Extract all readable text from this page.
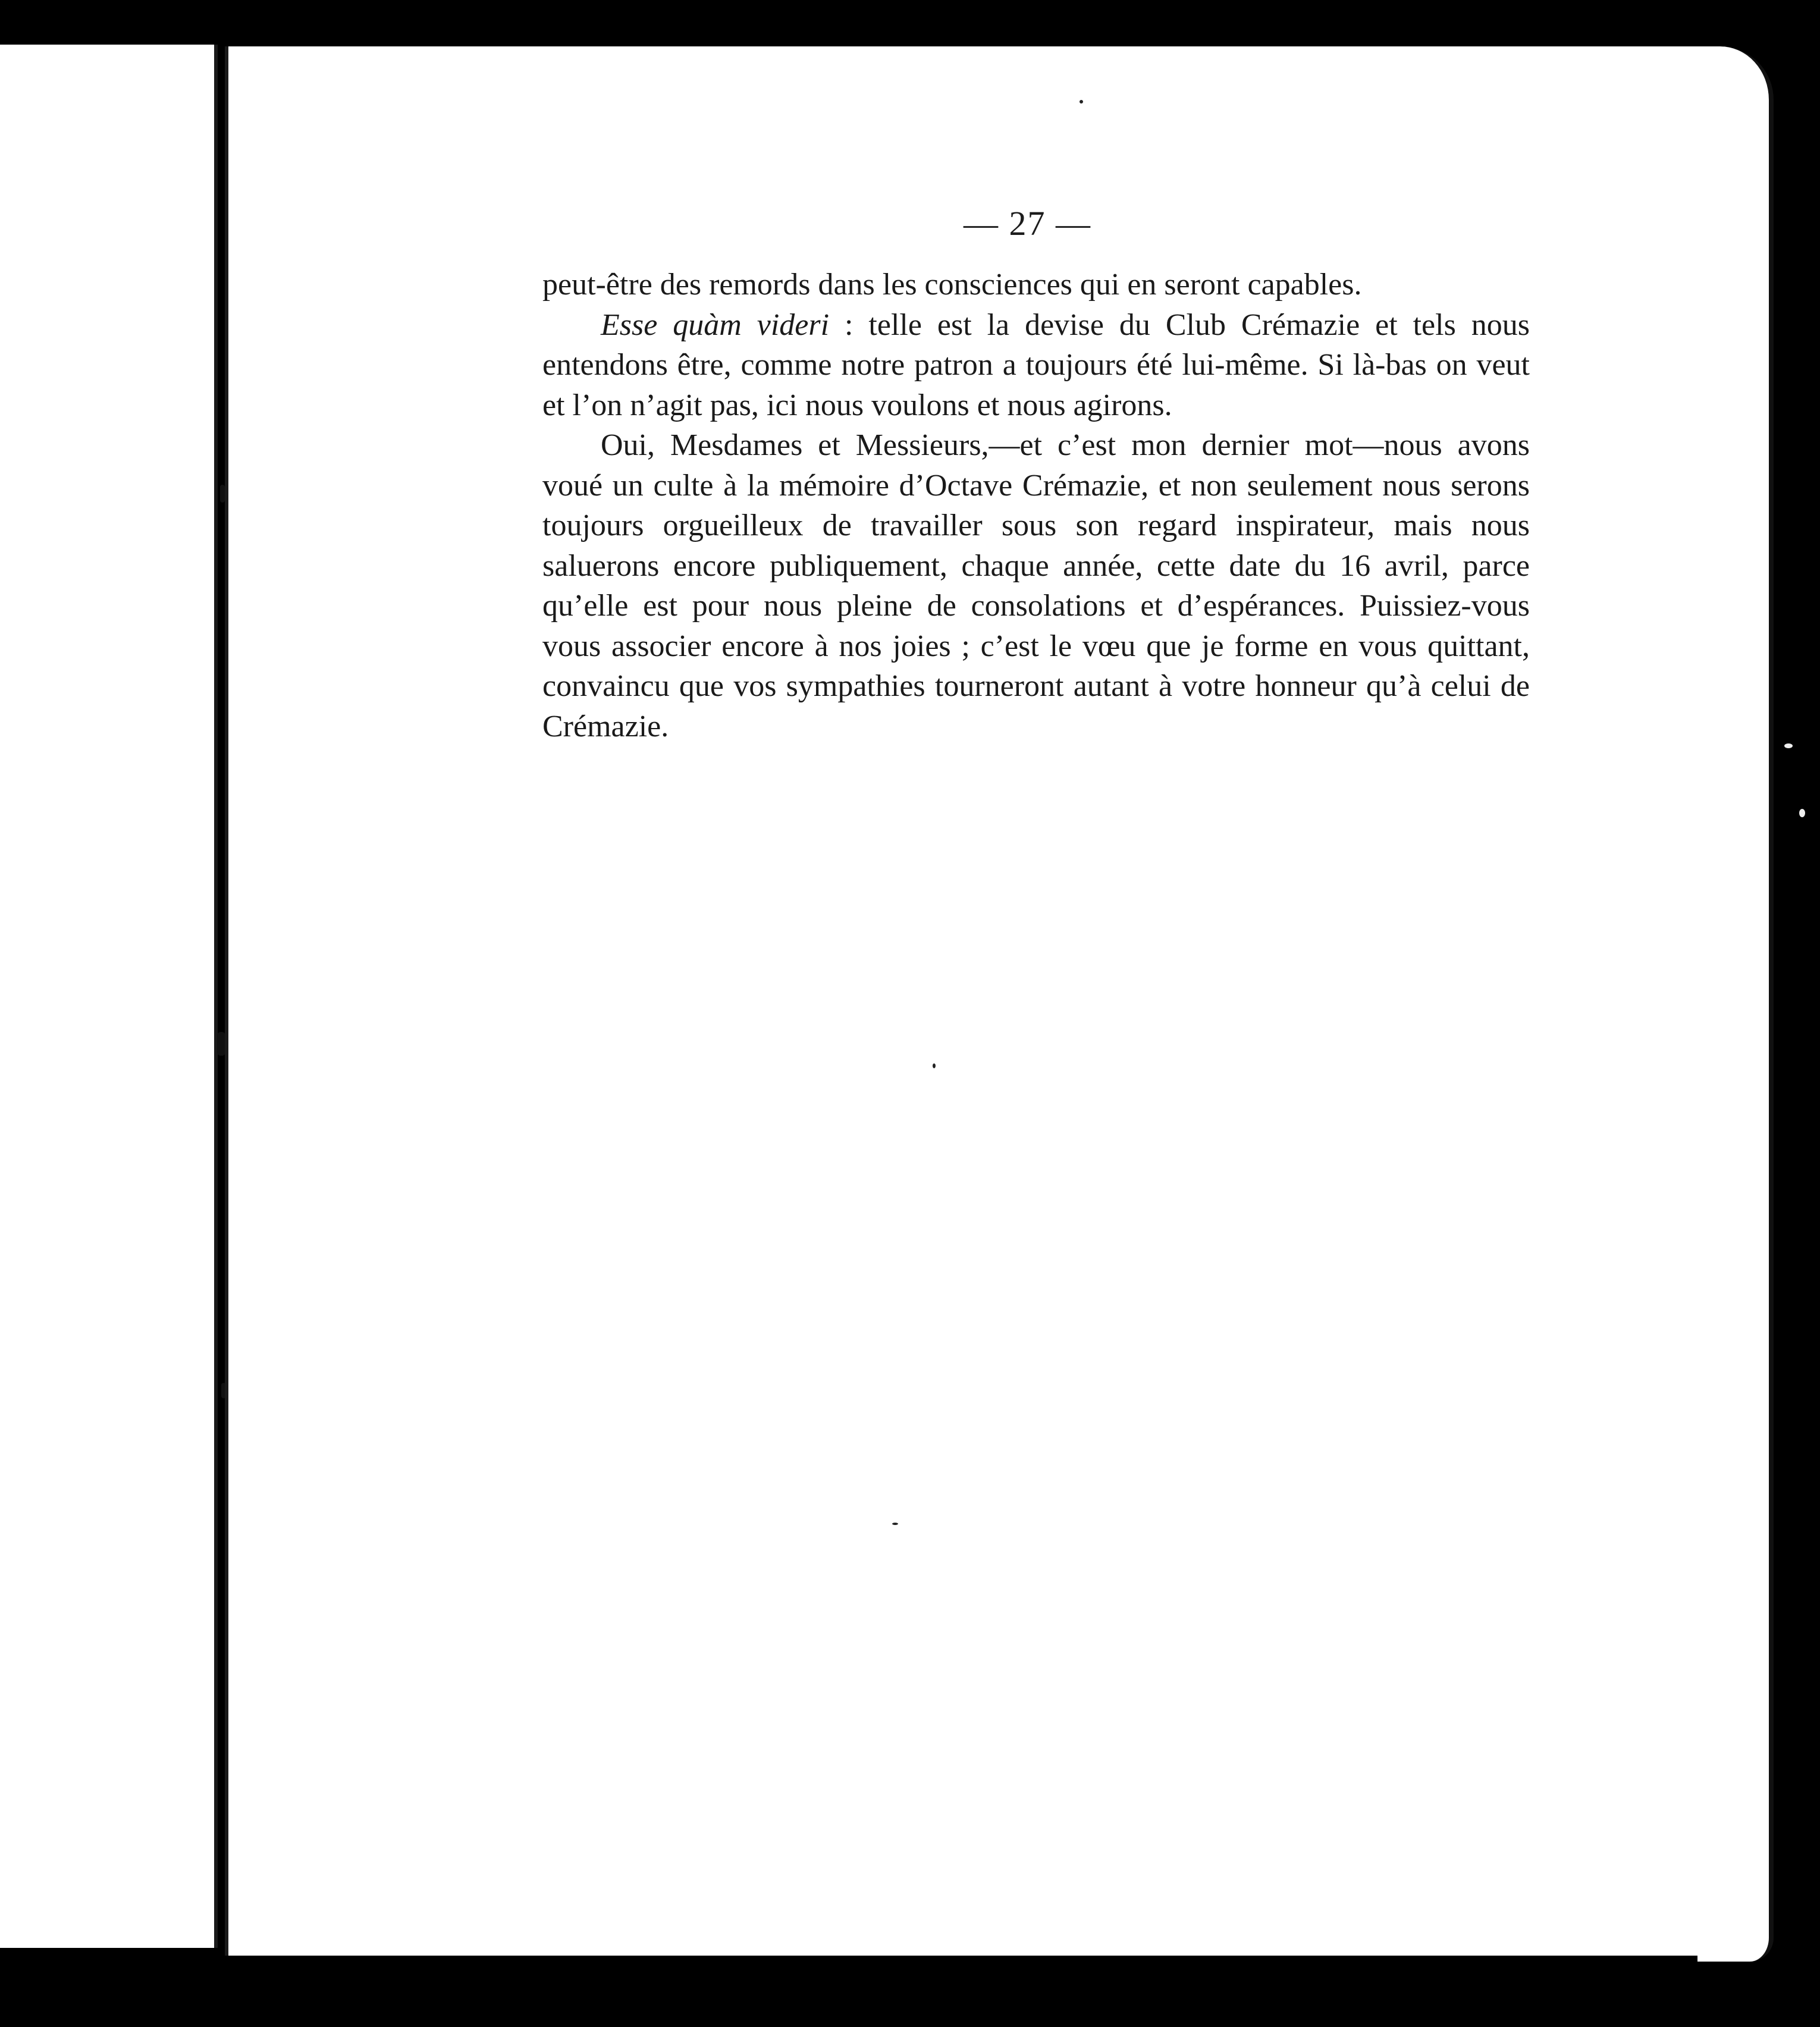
— 27 —

peut-être des remords dans les consciences qui en seront capables.

Esse quàm videri : telle est la devise du Club Crémazie et tels nous entendons être, comme notre patron a toujours été lui-même. Si là-bas on veut et l’on n’agit pas, ici nous voulons et nous agirons.

Oui, Mesdames et Messieurs,—et c’est mon dernier mot—nous avons voué un culte à la mémoire d’Octave Crémazie, et non seulement nous serons toujours orgueilleux de travailler sous son regard inspirateur, mais nous saluerons encore publiquement, chaque année, cette date du 16 avril, parce qu’elle est pour nous pleine de consolations et d’espérances. Puissiez-vous vous associer encore à nos joies ; c’est le vœu que je forme en vous quittant, convaincu que vos sympathies tourneront autant à votre honneur qu’à celui de Crémazie.
